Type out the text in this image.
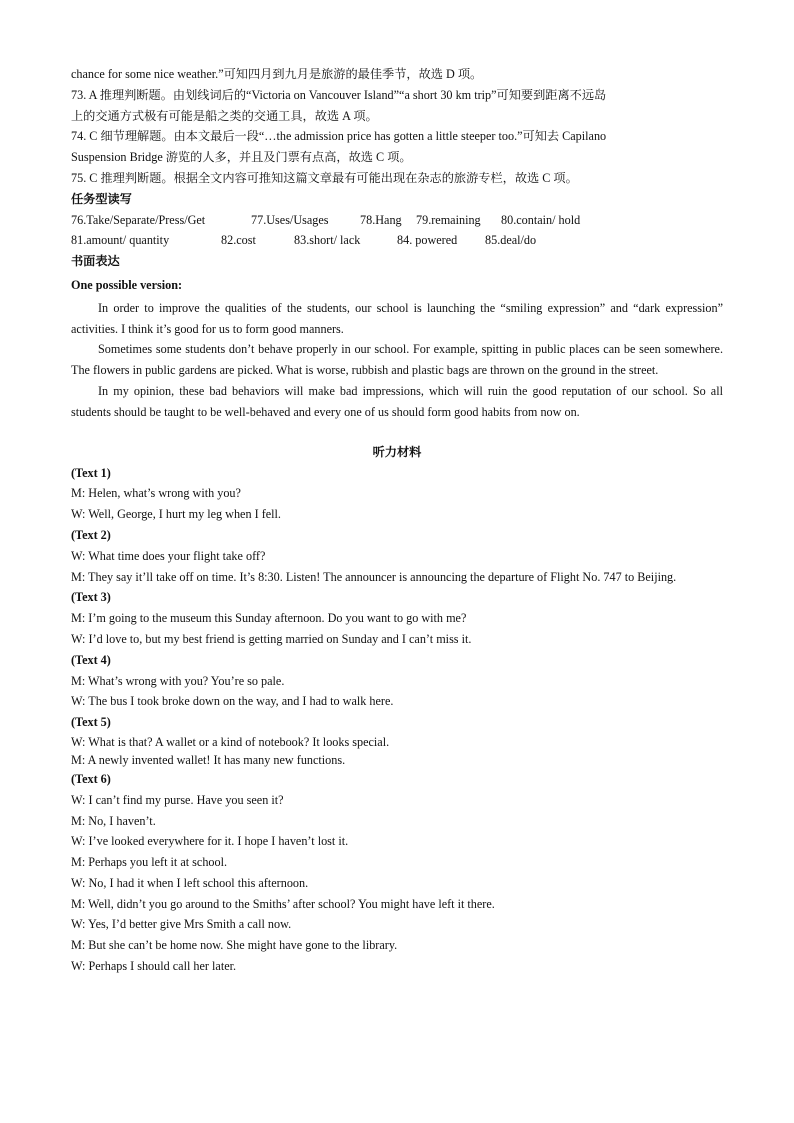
chance for some nice weather.”可知四月到九月是旅游的最佳季节，故选 D 项。
73. A 推理判断题。由划线词后的“Victoria on Vancouver Island”“a short 30 km trip”可知要到距离不远岛
上的交通方式极有可能是船之类的交通工具，故选 A 项。
74. C 细节理解题。由本文最后一段“…the admission price has gotten a little steeper too.”可知去 Capilano
Suspension Bridge 游览的人多，并且及门票有点高，故选 C 项。
75. C 推理判断题。根据全文内容可推知这篇文章最有可能出现在杂志的旅游专栏，故选 C 项。
任务型读写
76.Take/Separate/Press/Get	77.Uses/Usages	78.Hang	79.remaining	80.contain/ hold
81.amount/ quantity	82.cost	83.short/ lack	84. powered	85.deal/do
书面表达
One possible version:
In order to improve the qualities of the students, our school is launching the “smiling expression” and “dark expression” activities. I think it’s good for us to form good manners.
Sometimes some students don’t behave properly in our school. For example, spitting in public places can be seen somewhere. The flowers in public gardens are picked. What is worse, rubbish and plastic bags are thrown on the ground in the street.
In my opinion, these bad behaviors will make bad impressions, which will ruin the good reputation of our school. So all students should be taught to be well-behaved and every one of us should form good habits from now on.
听力材料
(Text 1)
M: Helen, what’s wrong with you?
W: Well, George, I hurt my leg when I fell.
(Text 2)
W: What time does your flight take off?
M: They say it’ll take off on time. It’s 8:30. Listen! The announcer is announcing the departure of Flight No. 747 to Beijing.
(Text 3)
M: I’m going to the museum this Sunday afternoon. Do you want to go with me?
W: I’d love to, but my best friend is getting married on Sunday and I can’t miss it.
(Text 4)
M: What’s wrong with you? You’re so pale.
W: The bus I took broke down on the way, and I had to walk here.
(Text 5)
W: What is that? A wallet or a kind of notebook? It looks special.
M: A newly invented wallet! It has many new functions.
(Text 6)
W: I can’t find my purse. Have you seen it?
M: No, I haven’t.
W: I’ve looked everywhere for it. I hope I haven’t lost it.
M: Perhaps you left it at school.
W: No, I had it when I left school this afternoon.
M: Well, didn’t you go around to the Smiths’ after school? You might have left it there.
W: Yes, I’d better give Mrs Smith a call now.
M: But she can’t be home now. She might have gone to the library.
W: Perhaps I should call her later.
